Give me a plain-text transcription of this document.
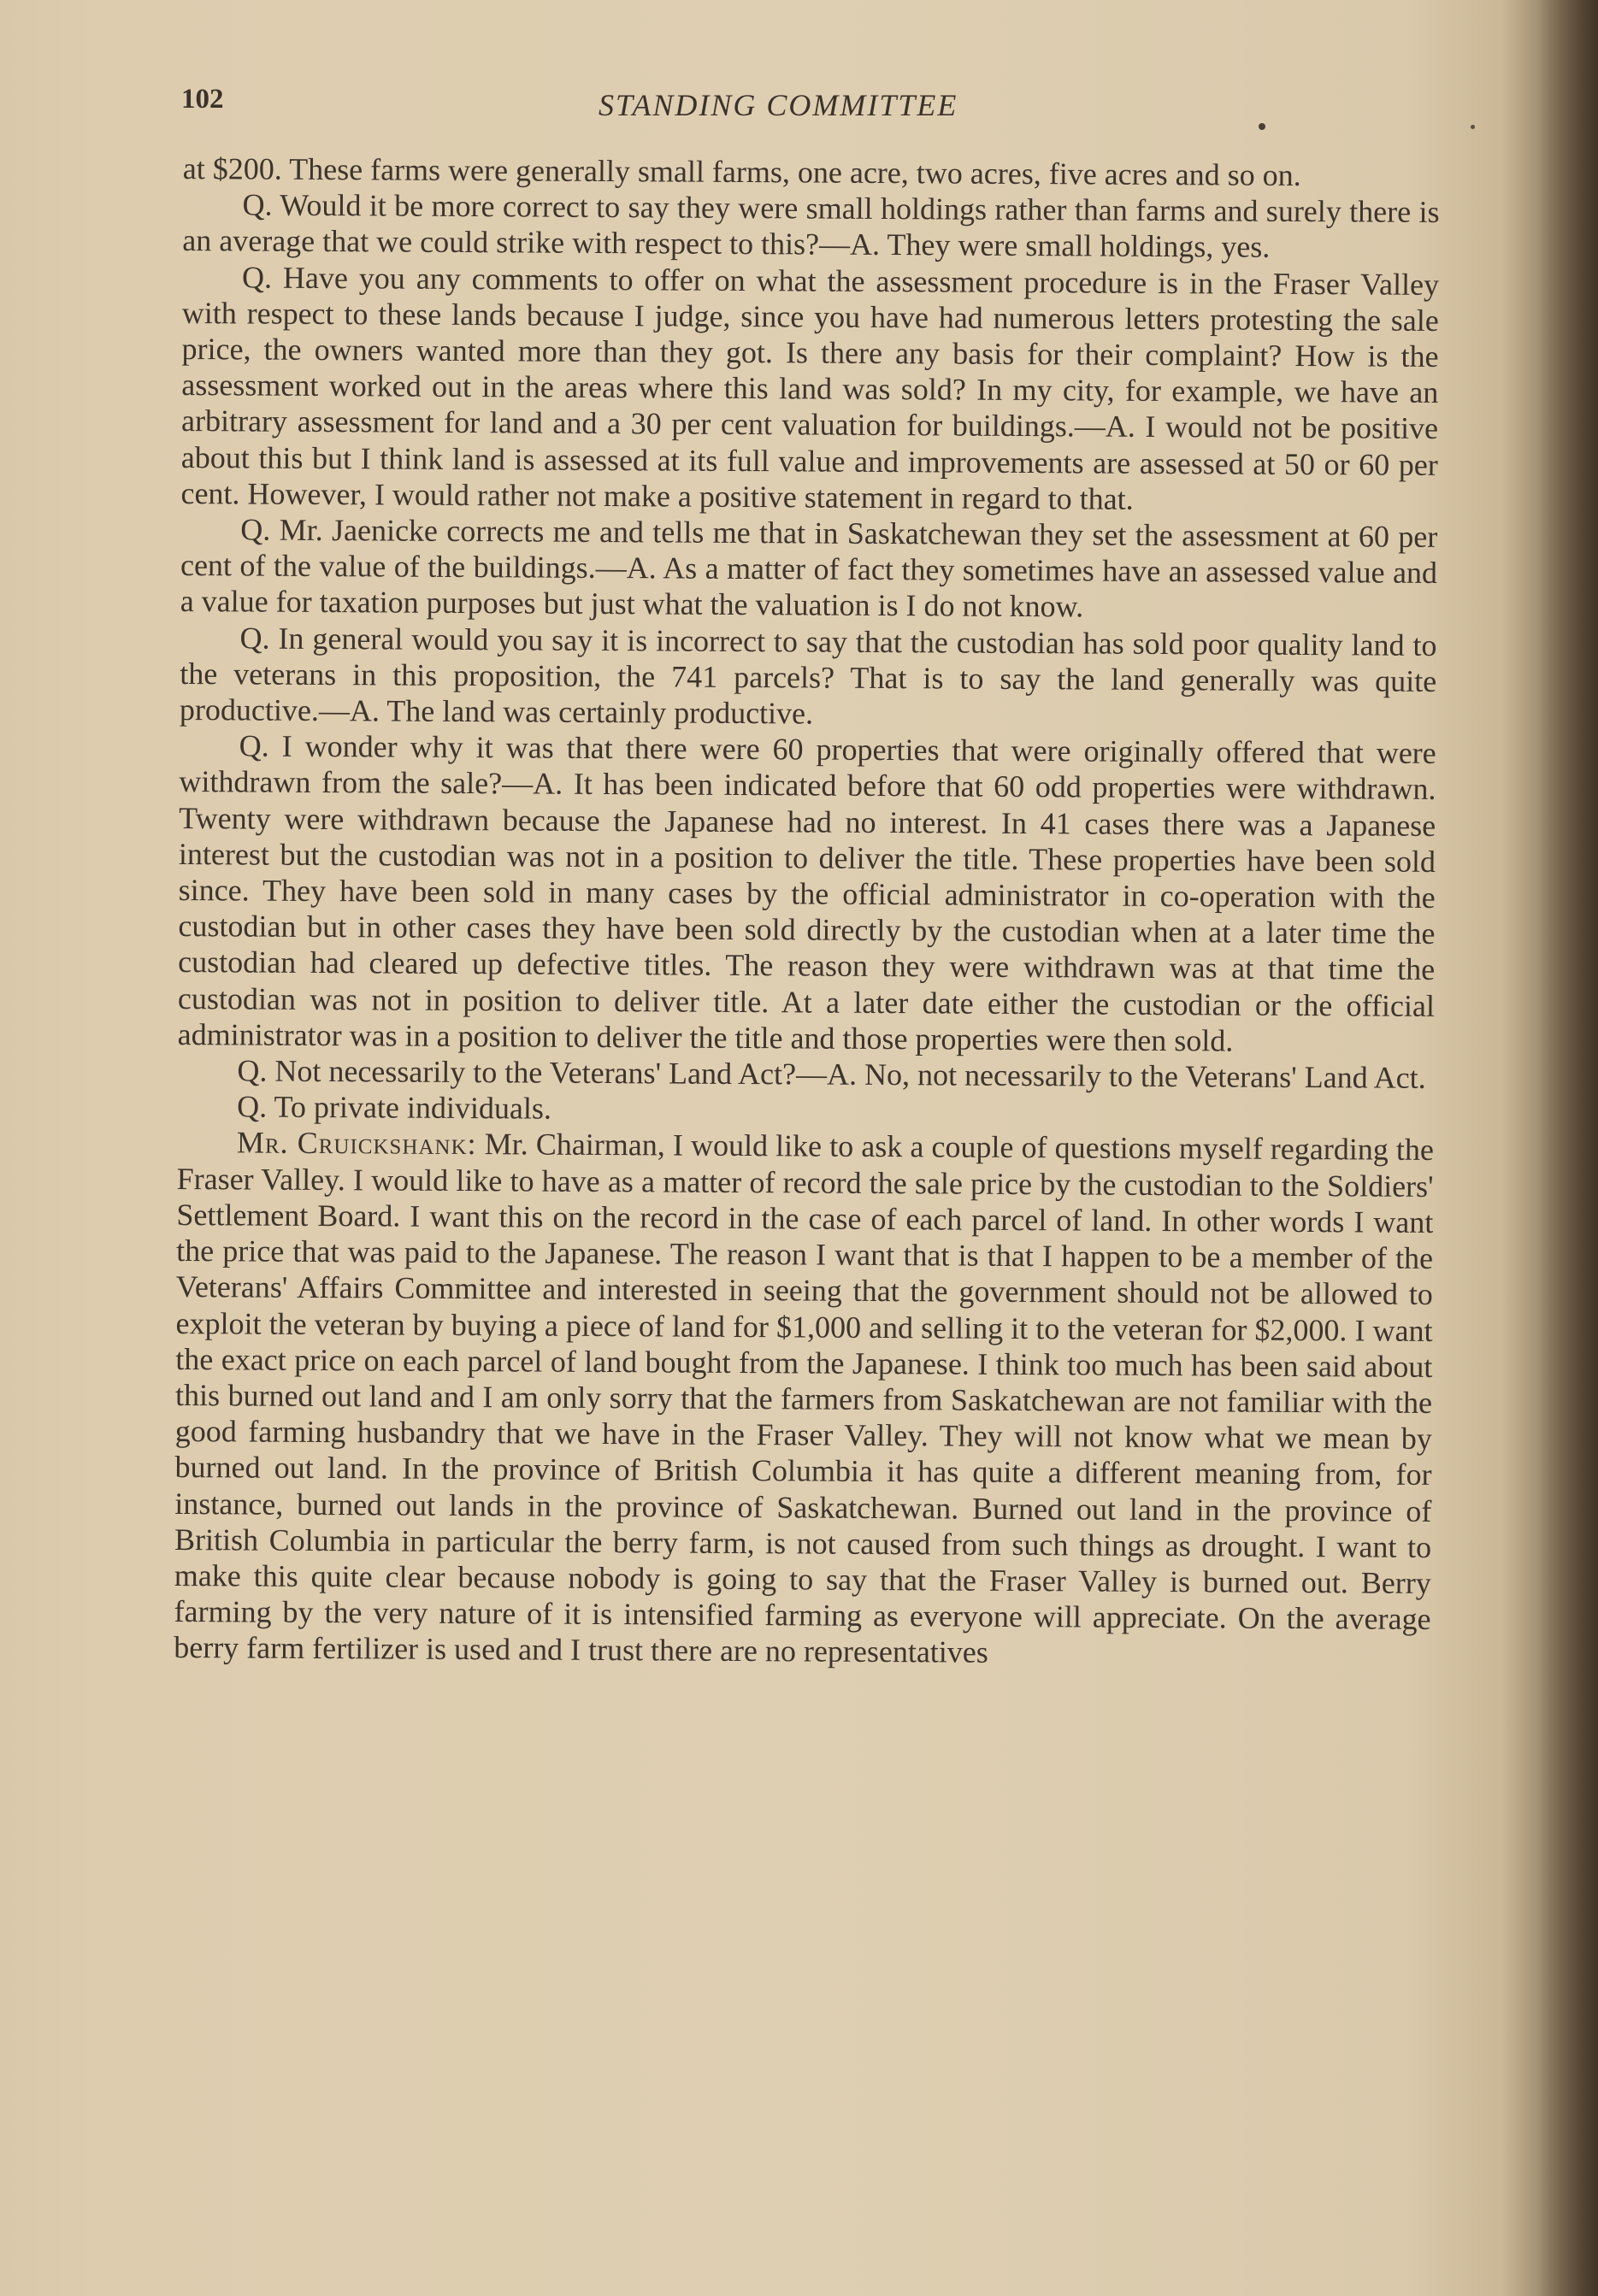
102	STANDING COMMITTEE

at $200. These farms were generally small farms, one acre, two acres, five acres and so on.

Q. Would it be more correct to say they were small holdings rather than farms and surely there is an average that we could strike with respect to this?—A. They were small holdings, yes.

Q. Have you any comments to offer on what the assessment procedure is in the Fraser Valley with respect to these lands because I judge, since you have had numerous letters protesting the sale price, the owners wanted more than they got. Is there any basis for their complaint? How is the assessment worked out in the areas where this land was sold? In my city, for example, we have an arbitrary assessment for land and a 30 per cent valuation for buildings.—A. I would not be positive about this but I think land is assessed at its full value and improvements are assessed at 50 or 60 per cent. However, I would rather not make a positive statement in regard to that.

Q. Mr. Jaenicke corrects me and tells me that in Saskatchewan they set the assessment at 60 per cent of the value of the buildings.—A. As a matter of fact they sometimes have an assessed value and a value for taxation purposes but just what the valuation is I do not know.

Q. In general would you say it is incorrect to say that the custodian has sold poor quality land to the veterans in this proposition, the 741 parcels? That is to say the land generally was quite productive.—A. The land was certainly productive.

Q. I wonder why it was that there were 60 properties that were originally offered that were withdrawn from the sale?—A. It has been indicated before that 60 odd properties were withdrawn. Twenty were withdrawn because the Japanese had no interest. In 41 cases there was a Japanese interest but the custodian was not in a position to deliver the title. These properties have been sold since. They have been sold in many cases by the official administrator in co-operation with the custodian but in other cases they have been sold directly by the custodian when at a later time the custodian had cleared up defective titles. The reason they were withdrawn was at that time the custodian was not in position to deliver title. At a later date either the custodian or the official administrator was in a position to deliver the title and those properties were then sold.

Q. Not necessarily to the Veterans' Land Act?—A. No, not necessarily to the Veterans' Land Act.

Q. To private individuals.

Mr. Cruickshank: Mr. Chairman, I would like to ask a couple of questions myself regarding the Fraser Valley. I would like to have as a matter of record the sale price by the custodian to the Soldiers' Settlement Board. I want this on the record in the case of each parcel of land. In other words I want the price that was paid to the Japanese. The reason I want that is that I happen to be a member of the Veterans' Affairs Committee and interested in seeing that the government should not be allowed to exploit the veteran by buying a piece of land for $1,000 and selling it to the veteran for $2,000. I want the exact price on each parcel of land bought from the Japanese. I think too much has been said about this burned out land and I am only sorry that the farmers from Saskatchewan are not familiar with the good farming husbandry that we have in the Fraser Valley. They will not know what we mean by burned out land. In the province of British Columbia it has quite a different meaning from, for instance, burned out lands in the province of Saskatchewan. Burned out land in the province of British Columbia in particular the berry farm, is not caused from such things as drought. I want to make this quite clear because nobody is going to say that the Fraser Valley is burned out. Berry farming by the very nature of it is intensified farming as everyone will appreciate. On the average berry farm fertilizer is used and I trust there are no representatives
